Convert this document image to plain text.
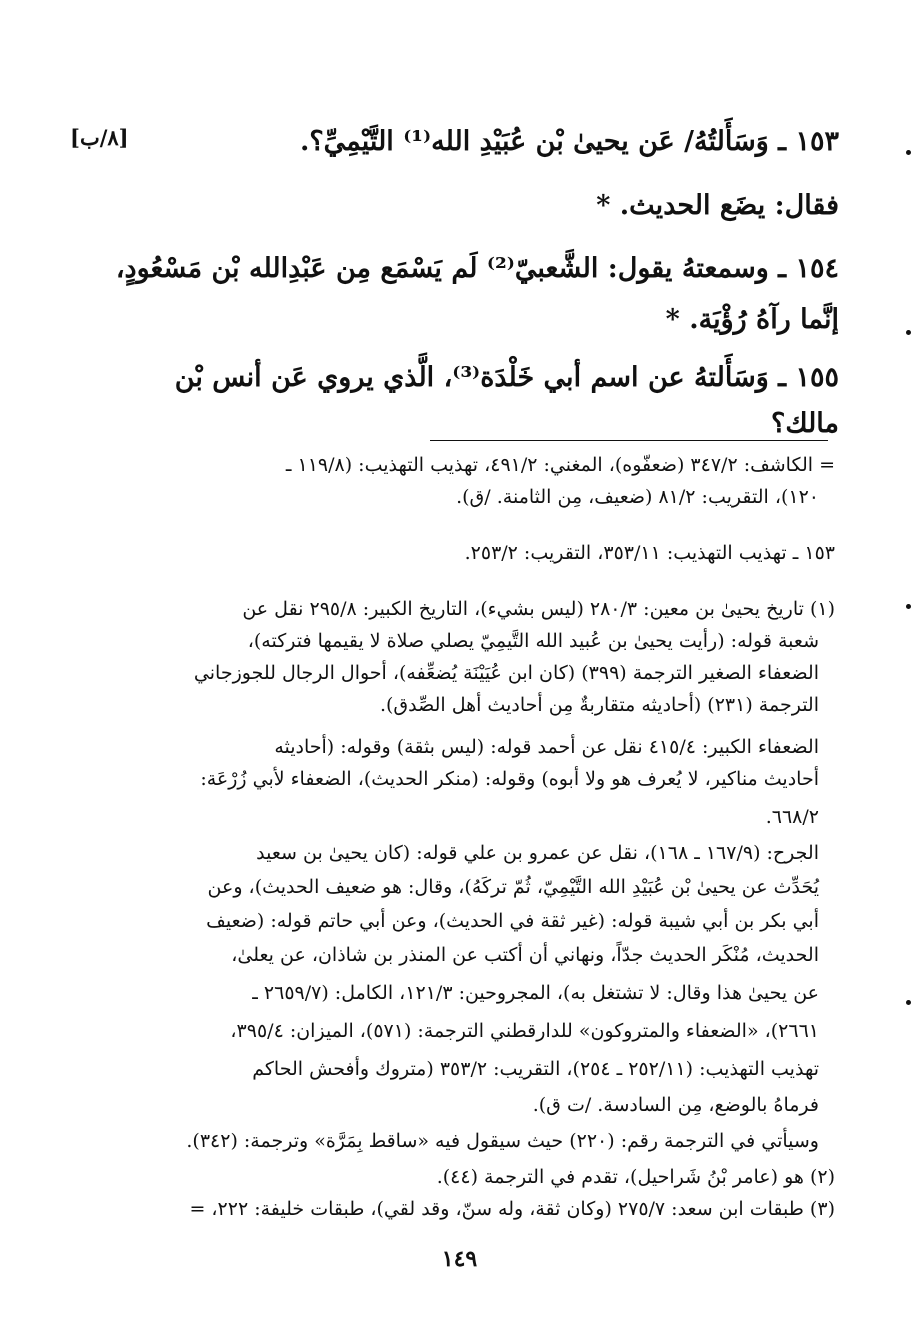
[٨/ب]	١٥٣ ـ وَسَأَلتُهُ/ عَن يحيىٰ بْن عُبَيْدِ الله⁽¹⁾ التَّيْمِيِّ؟.
فقال: يضَع الحديث. *
١٥٤ ـ وسمعتهُ يقول: الشَّعبيّ⁽²⁾ لَم يَسْمَع مِن عَبْدِالله بْن مَسْعُودٍ،
إنَّما رآهُ رُؤْيَة. *
١٥٥ ـ وَسَأَلتهُ عن اسم أبي خَلْدَة⁽³⁾، الَّذي يروي عَن أنس بْن
مالك؟
= الكاشف: ٣٤٧/٢ (ضعفّوه)، المغني: ٤٩١/٢، تهذيب التهذيب: (١١٩/٨ ـ
١٢٠)، التقريب: ٨١/٢ (ضعيف، مِن الثامنة. /ق).
١٥٣ ـ تهذيب التهذيب: ٣٥٣/١١، التقريب: ٢٥٣/٢.
(١) تاريخ يحيىٰ بن معين: ٢٨٠/٣ (ليس بشيء)، التاريخ الكبير: ٢٩٥/٨ نقل عن
شعبة قوله: (رأيت يحيىٰ بن عُبيد الله التَّيمِيّ يصلي صلاة لا يقيمها فتركته)،
الضعفاء الصغير الترجمة (٣٩٩) (كان ابن عُيَيْنَة يُضعِّفه)، أحوال الرجال للجوزجاني
الترجمة (٢٣١) (أحاديثه متقاربةٌ مِن أحاديث أهل الصِّدق).
الضعفاء الكبير: ٤١٥/٤ نقل عن أحمد قوله: (ليس بثقة) وقوله: (أحاديثه
أحاديث مناكير، لا يُعرف هو ولا أبوه) وقوله: (منكر الحديث)، الضعفاء لأبي زُرْعَة:
٦٦٨/٢.
الجرح: (١٦٧/٩ ـ ١٦٨)، نقل عن عمرو بن علي قوله: (كان يحيىٰ بن سعيد
يُحَدِّث عن يحيىٰ بْن عُبَيْدِ الله التَّيْمِيّ، ثُمّ تركَهُ)، وقال: هو ضعيف الحديث)، وعن
أبي بكر بن أبي شيبة قوله: (غير ثقة في الحديث)، وعن أبي حاتم قوله: (ضعيف
الحديث، مُنْكَر الحديث جدّاً، ونهاني أن أكتب عن المنذر بن شاذان، عن يعلىٰ،
عن يحيىٰ هذا وقال: لا تشتغل به)، المجروحين: ١٢١/٣، الكامل: (٢٦٥٩/٧ ـ
٢٦٦١)، «الضعفاء والمتروكون» للدارقطني الترجمة: (٥٧١)، الميزان: ٣٩٥/٤،
تهذيب التهذيب: (٢٥٢/١١ ـ ٢٥٤)، التقريب: ٣٥٣/٢ (متروك وأفحش الحاكم
فرماهُ بالوضع، مِن السادسة. /ت ق).
وسيأتي في الترجمة رقم: (٢٢٠) حيث سيقول فيه «ساقط بِمَرَّة» وترجمة: (٣٤٢).
(٢) هو (عامر بْنُ شَراحيل)، تقدم في الترجمة (٤٤).
(٣) طبقات ابن سعد: ٢٧٥/٧ (وكان ثقة، وله سنّ، وقد لقي)، طبقات خليفة: ٢٢٢، =
١٤٩
